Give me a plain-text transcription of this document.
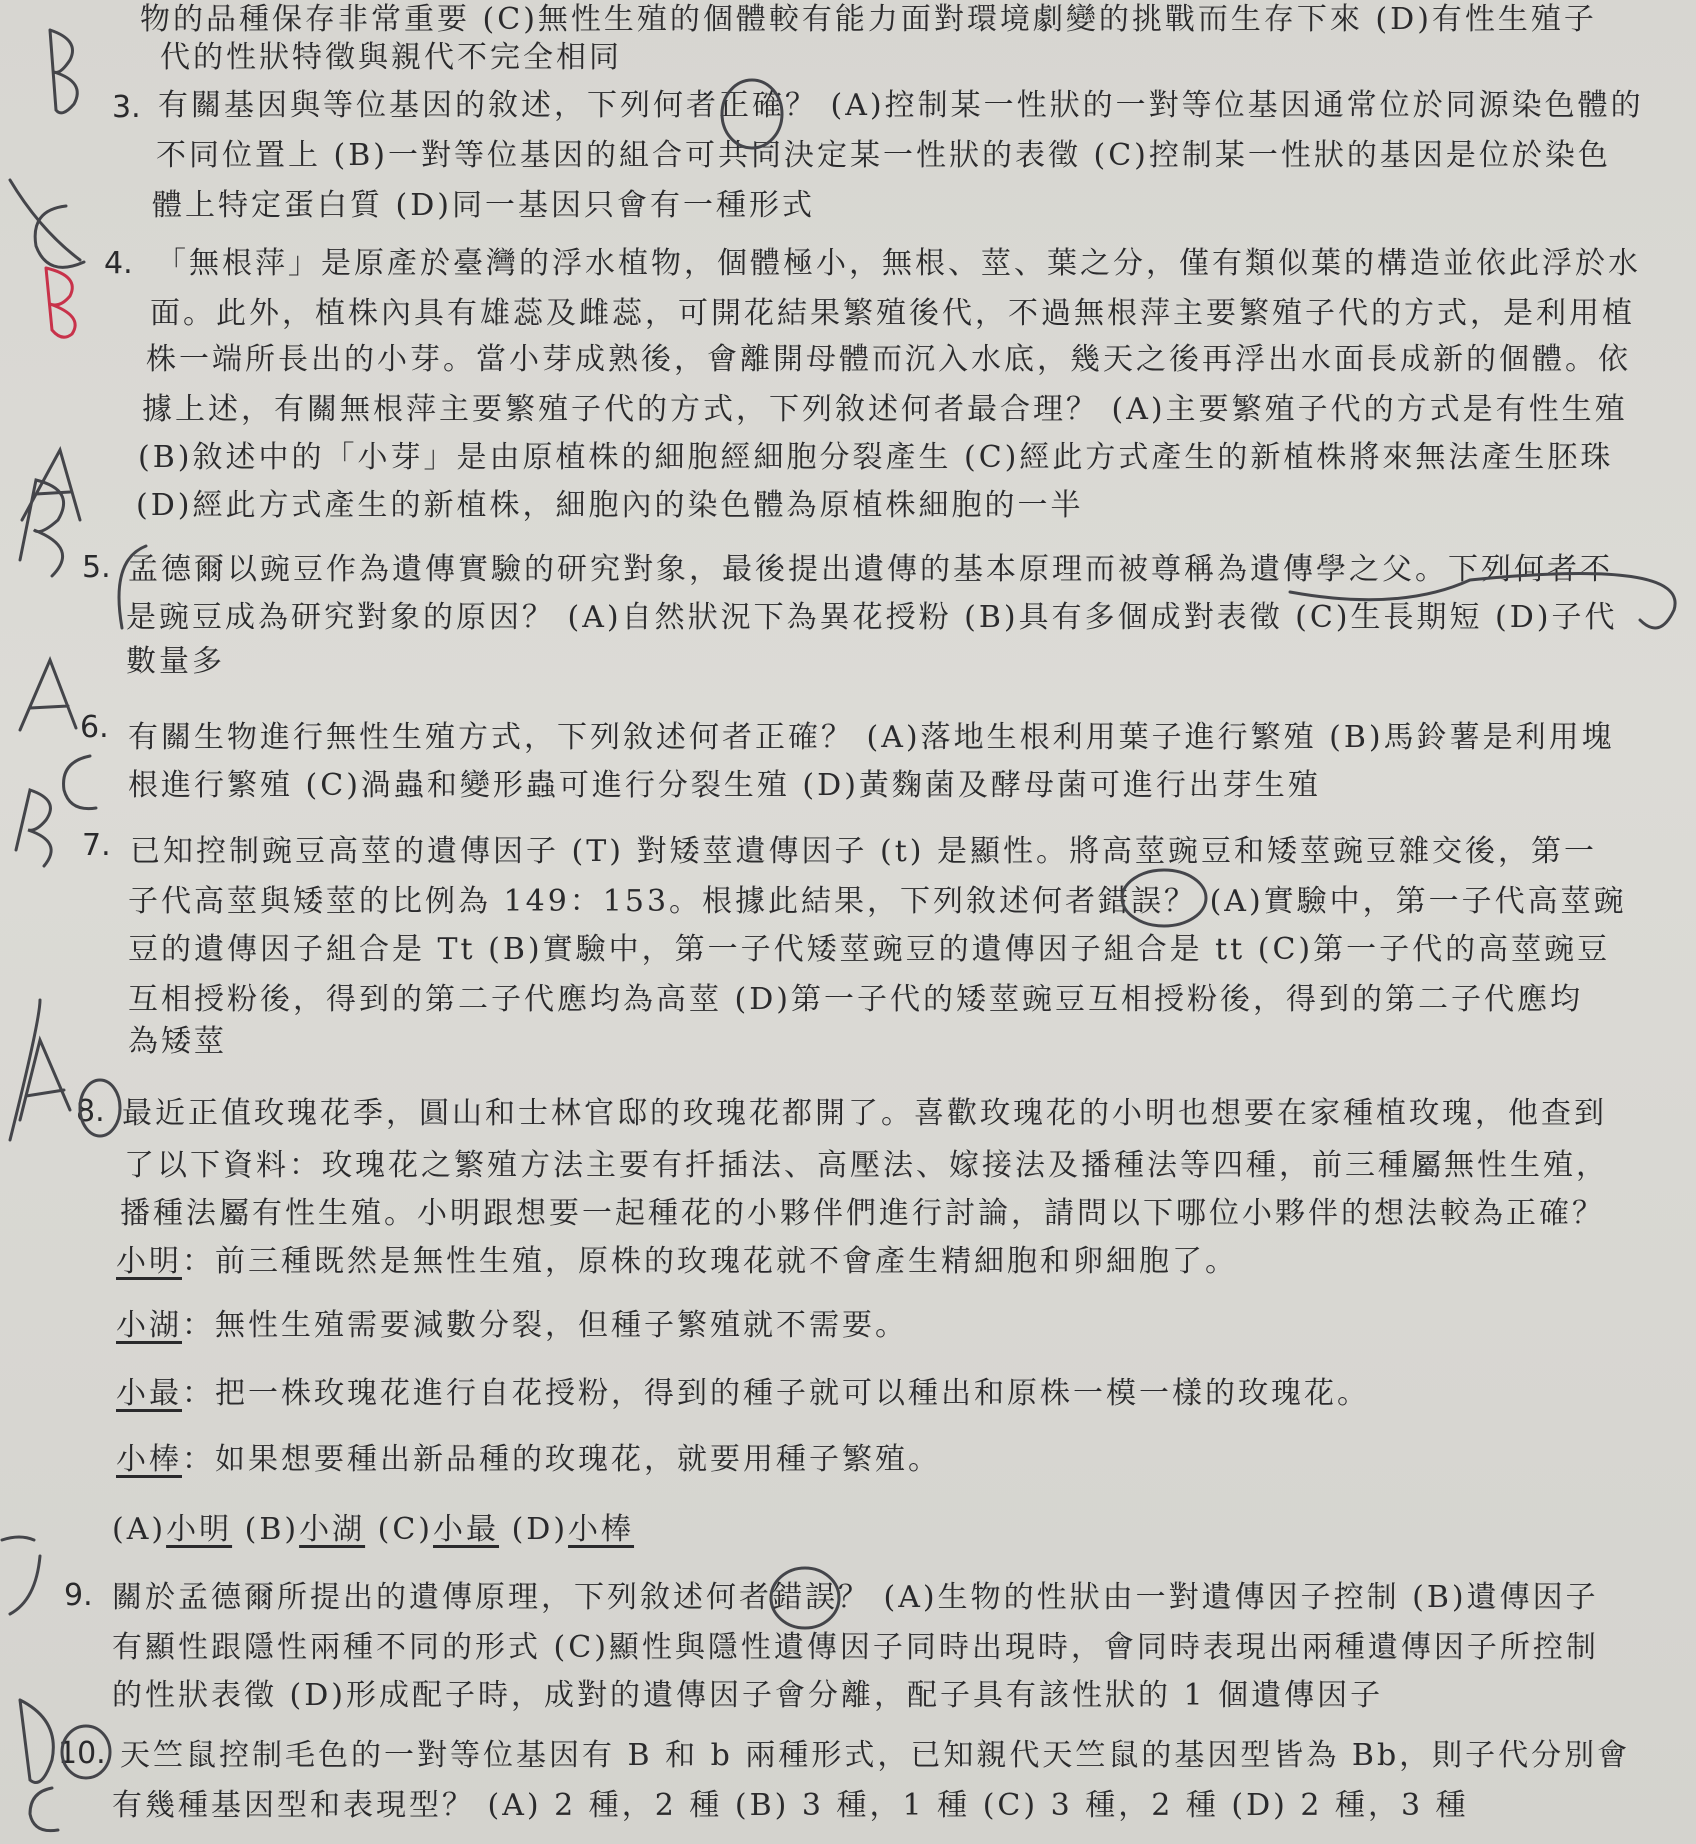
物的品種保存非常重要 (C)無性生殖的個體較有能力面對環境劇變的挑戰而生存下來 (D)有性生殖子
代的性狀特徵與親代不完全相同
3. 有關基因與等位基因的敘述，下列何者正確？ (A)控制某一性狀的一對等位基因通常位於同源染色體的
不同位置上 (B)一對等位基因的組合可共同決定某一性狀的表徵 (C)控制某一性狀的基因是位於染色
體上特定蛋白質 (D)同一基因只會有一種形式
4. 「無根萍」是原產於臺灣的浮水植物，個體極小，無根、莖、葉之分，僅有類似葉的構造並依此浮於水
面。此外，植株內具有雄蕊及雌蕊，可開花結果繁殖後代，不過無根萍主要繁殖子代的方式，是利用植
株一端所長出的小芽。當小芽成熟後，會離開母體而沉入水底，幾天之後再浮出水面長成新的個體。依
據上述，有關無根萍主要繁殖子代的方式，下列敘述何者最合理？ (A)主要繁殖子代的方式是有性生殖
(B)敘述中的「小芽」是由原植株的細胞經細胞分裂產生 (C)經此方式產生的新植株將來無法產生胚珠
(D)經此方式產生的新植株，細胞內的染色體為原植株細胞的一半
5. 孟德爾以豌豆作為遺傳實驗的研究對象，最後提出遺傳的基本原理而被尊稱為遺傳學之父。下列何者不
是豌豆成為研究對象的原因？ (A)自然狀況下為異花授粉 (B)具有多個成對表徵 (C)生長期短 (D)子代
數量多
6. 有關生物進行無性生殖方式，下列敘述何者正確？ (A)落地生根利用葉子進行繁殖 (B)馬鈴薯是利用塊
根進行繁殖 (C)渦蟲和變形蟲可進行分裂生殖 (D)黃麴菌及酵母菌可進行出芽生殖
7. 已知控制豌豆高莖的遺傳因子 (T) 對矮莖遺傳因子 (t) 是顯性。將高莖豌豆和矮莖豌豆雜交後，第一
子代高莖與矮莖的比例為 149：153。根據此結果，下列敘述何者錯誤？ (A)實驗中，第一子代高莖豌
豆的遺傳因子組合是 Tt (B)實驗中，第一子代矮莖豌豆的遺傳因子組合是 tt (C)第一子代的高莖豌豆
互相授粉後，得到的第二子代應均為高莖 (D)第一子代的矮莖豌豆互相授粉後，得到的第二子代應均
為矮莖
8. 最近正值玫瑰花季，圓山和士林官邸的玫瑰花都開了。喜歡玫瑰花的小明也想要在家種植玫瑰，他查到
了以下資料：玫瑰花之繁殖方法主要有扦插法、高壓法、嫁接法及播種法等四種，前三種屬無性生殖，
播種法屬有性生殖。小明跟想要一起種花的小夥伴們進行討論，請問以下哪位小夥伴的想法較為正確？
小明：前三種既然是無性生殖，原株的玫瑰花就不會產生精細胞和卵細胞了。
小湖：無性生殖需要減數分裂，但種子繁殖就不需要。
小最：把一株玫瑰花進行自花授粉，得到的種子就可以種出和原株一模一樣的玫瑰花。
小棒：如果想要種出新品種的玫瑰花，就要用種子繁殖。
(A)小明 (B)小湖 (C)小最 (D)小棒
9. 關於孟德爾所提出的遺傳原理，下列敘述何者錯誤？ (A)生物的性狀由一對遺傳因子控制 (B)遺傳因子
有顯性跟隱性兩種不同的形式 (C)顯性與隱性遺傳因子同時出現時，會同時表現出兩種遺傳因子所控制
的性狀表徵 (D)形成配子時，成對的遺傳因子會分離，配子具有該性狀的 1 個遺傳因子
10. 天竺鼠控制毛色的一對等位基因有 B 和 b 兩種形式，已知親代天竺鼠的基因型皆為 Bb，則子代分別會
有幾種基因型和表現型？ (A) 2 種，2 種 (B) 3 種，1 種 (C) 3 種，2 種 (D) 2 種，3 種
